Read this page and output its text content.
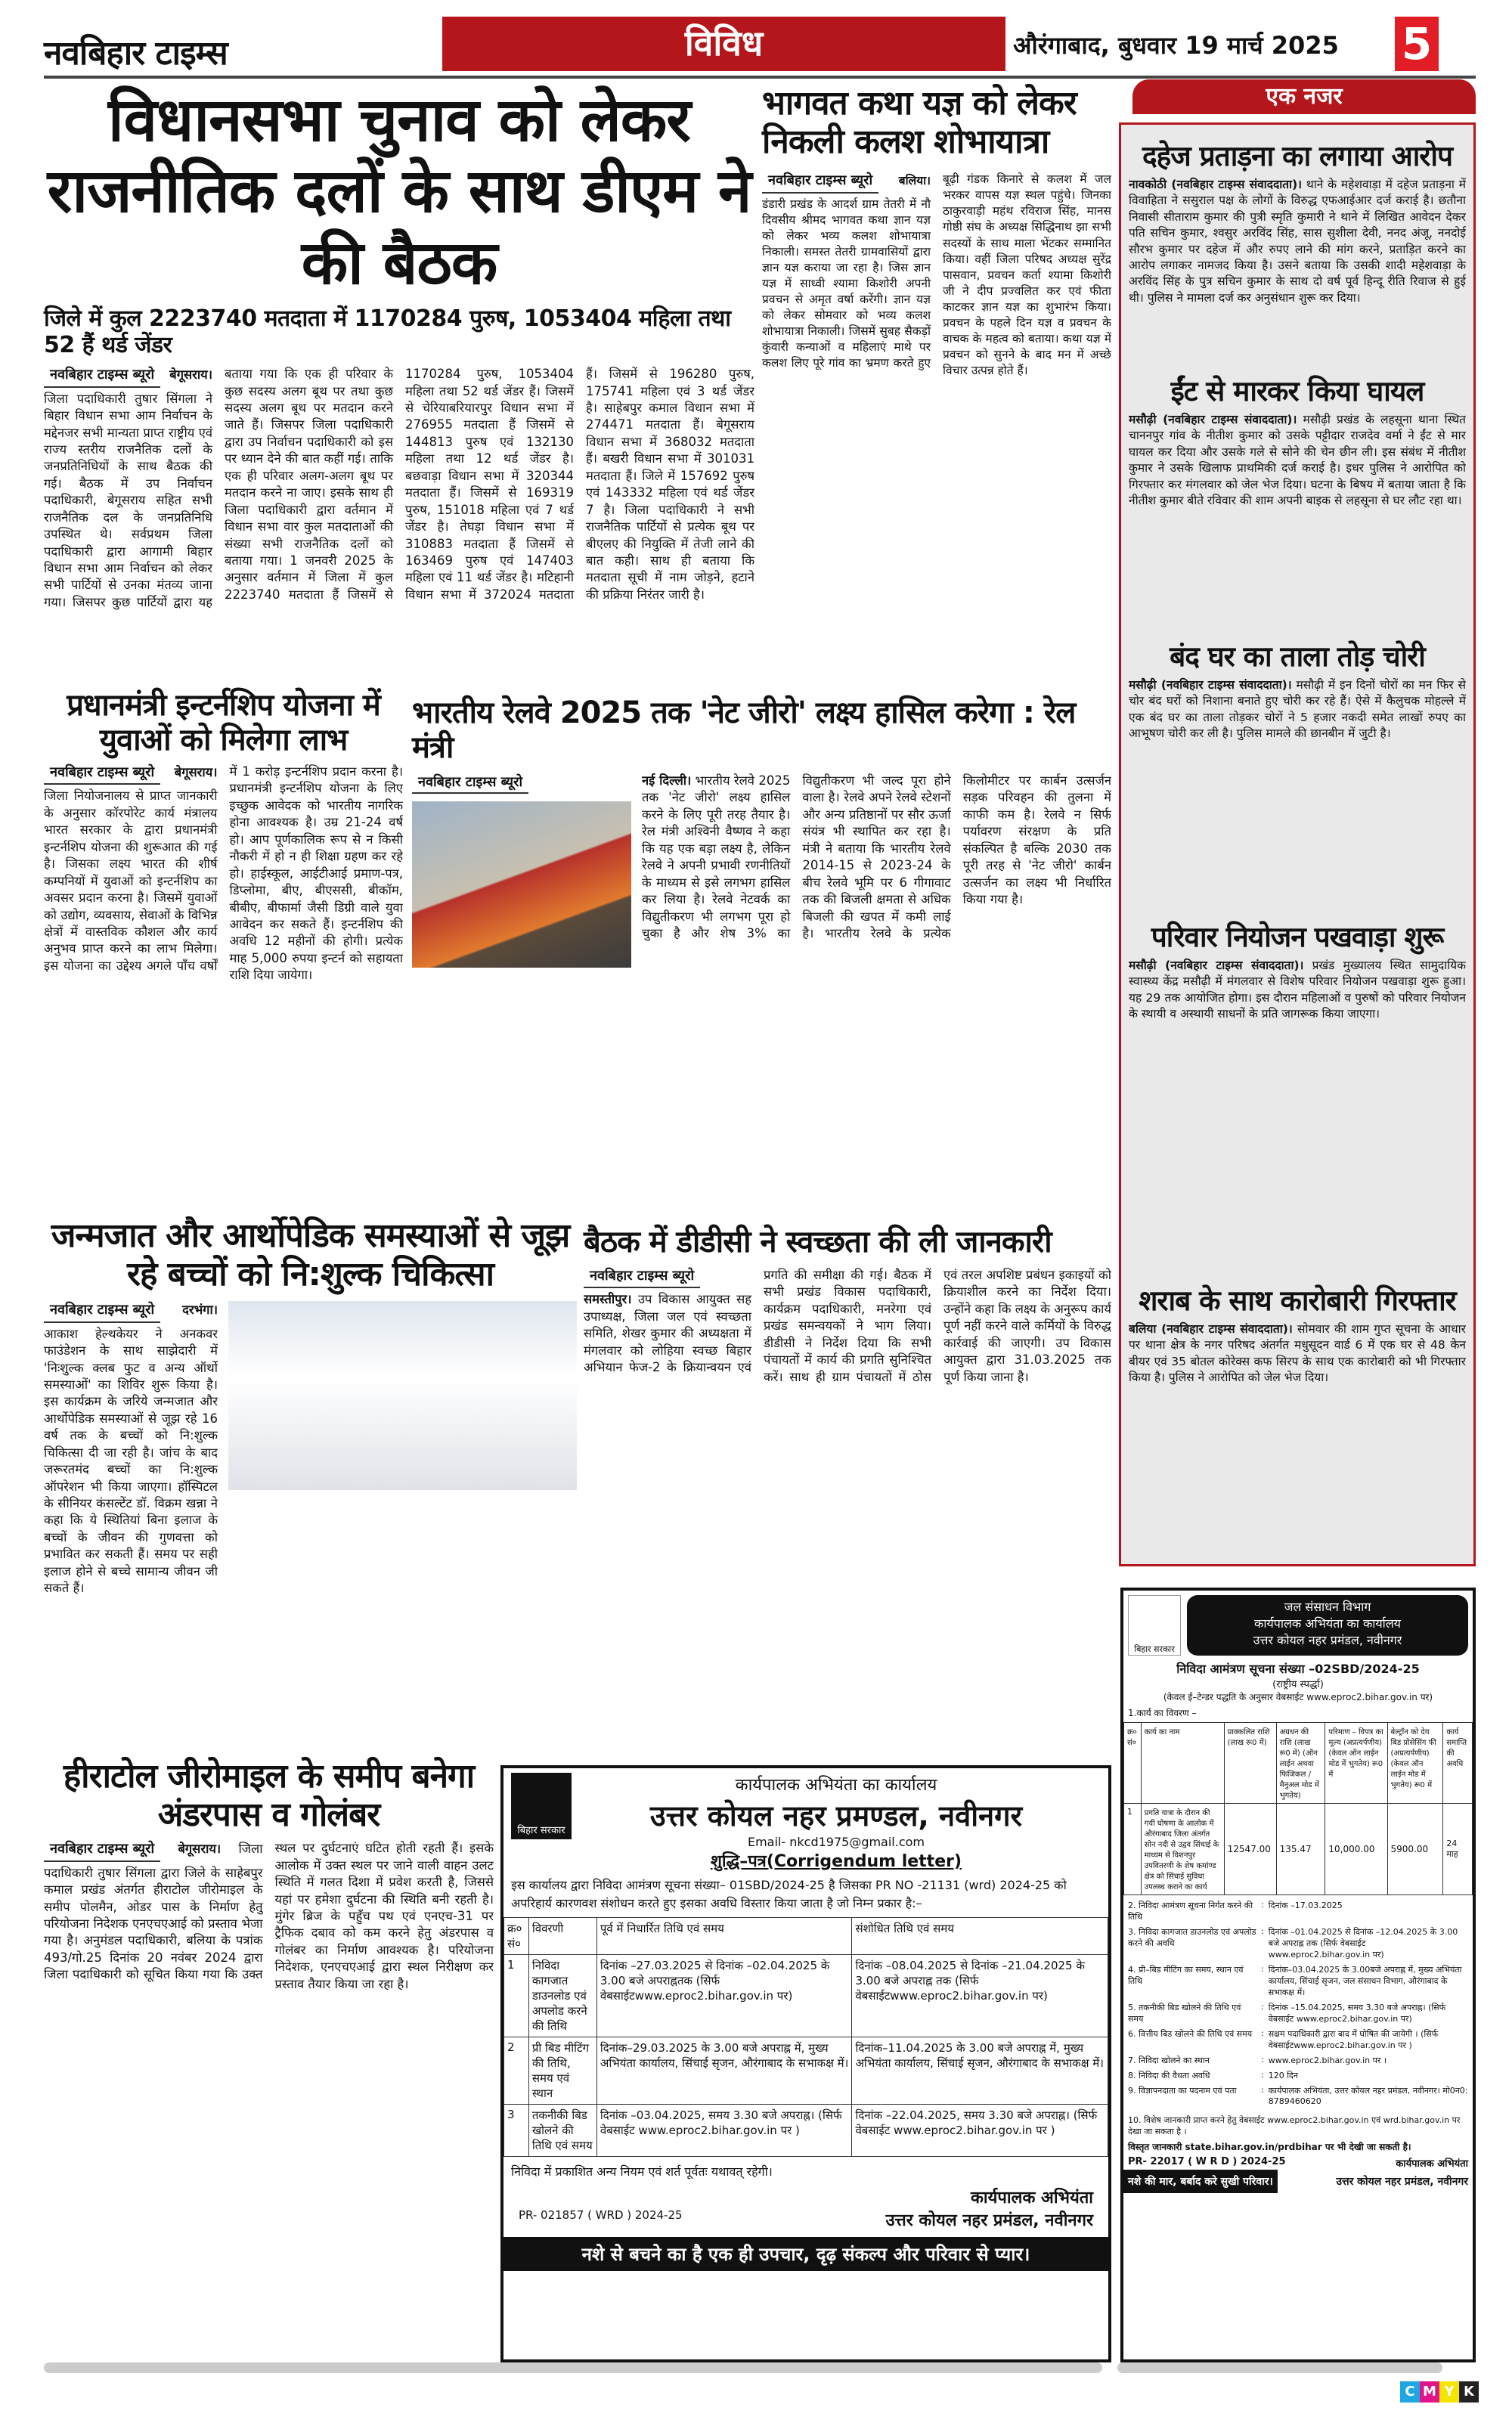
नवबिहार टाइम्स	विविध	औरंगाबाद, बुधवार 19 मार्च 2025 5
विधानसभा चुनाव को लेकर राजनीतिक दलों के साथ डीएम ने की बैठक
जिले में कुल 2223740 मतदाता में 1170284 पुरुष, 1053404 महिला तथा 52 हैं थर्ड जेंडर
नवबिहार टाइम्स ब्यूरो बेगूसराय। जिला पदाधिकारी तुषार सिंगला ने बिहार विधान सभा आम निर्वाचन के मद्देनजर सभी मान्यता प्राप्त राष्ट्रीय एवं राज्य स्तरीय राजनैतिक दलों के जनप्रतिनिधियों के साथ बैठक की गई। बैठक में उप निर्वाचन पदाधिकारी, बेगूसराय सहित सभी राजनैतिक दल के जनप्रतिनिधि उपस्थित थे। सर्वप्रथम जिला पदाधिकारी द्वारा आगामी बिहार विधान सभा आम निर्वाचन को लेकर सभी पार्टियों से उनका मंतव्य जाना गया। जिसपर कुछ पार्टियों द्वारा यह बताया गया कि एक ही परिवार के कुछ सदस्य अलग बूथ पर तथा कुछ सदस्य अलग बूथ पर मतदान करने जाते हैं। जिसपर जिला पदाधिकारी द्वारा उप निर्वाचन पदाधिकारी को इस पर ध्यान देने की बात कहीं गई। ताकि एक ही परिवार अलग-अलग बूथ पर मतदान करने ना जाए। इसके साथ ही जिला पदाधिकारी द्वारा वर्तमान में विधान सभा वार कुल मतदाताओं की संख्या सभी राजनैतिक दलों को बताया गया। 1 जनवरी 2025 के अनुसार वर्तमान में जिला में कुल 2223740 मतदाता हैं जिसमें से 1170284 पुरुष, 1053404 महिला तथा 52 थर्ड जेंडर हैं। जिसमें से चेरियाबरियारपुर विधान सभा में 276955 मतदाता हैं जिसमें से 144813 पुरुष एवं 132130 महिला तथा 12 थर्ड जेंडर है। बछवाड़ा विधान सभा में 320344 मतदाता हैं। जिसमें से 169319 पुरुष, 151018 महिला एवं 7 थर्ड जेंडर है। तेघड़ा विधान सभा में 310883 मतदाता हैं जिसमें से 163469 पुरुष एवं 147403 महिला एवं 11 थर्ड जेंडर है। मटिहानी विधान सभा में 372024 मतदाता हैं। जिसमें से 196280 पुरुष, 175741 महिला एवं 3 थर्ड जेंडर है। साहेबपुर कमाल विधान सभा में 274471 मतदाता हैं। बेगूसराय विधान सभा में 368032 मतदाता हैं। बखरी विधान सभा में 301031 मतदाता हैं। जिले में 157692 पुरुष एवं 143332 महिला एवं थर्ड जेंडर 7 है। जिला पदाधिकारी ने सभी राजनैतिक पार्टियों से प्रत्येक बूथ पर बीएलए की नियुक्ति में तेजी लाने की बात कही। साथ ही बताया कि मतदाता सूची में नाम जोड़ने, हटाने की प्रक्रिया निरंतर जारी है।
भागवत कथा यज्ञ को लेकर निकली कलश शोभायात्रा
नवबिहार टाइम्स ब्यूरो बलिया। डंडारी प्रखंड के आदर्श ग्राम तेतरी में नौ दिवसीय श्रीमद भागवत कथा ज्ञान यज्ञ को लेकर भव्य कलश शोभायात्रा निकाली। समस्त तेतरी ग्रामवासियों द्वारा ज्ञान यज्ञ कराया जा रहा है। जिस ज्ञान यज्ञ में साध्वी श्यामा किशोरी अपनी प्रवचन से अमृत वर्षा करेंगी। ज्ञान यज्ञ को लेकर सोमवार को भव्य कलश शोभायात्रा निकाली। जिसमें सुबह सैकड़ों कुंवारी कन्याओं व महिलाएं माथे पर कलश लिए पूरे गांव का भ्रमण करते हुए बूढ़ी गंडक किनारे से कलश में जल भरकर वापस यज्ञ स्थल पहुंचे। जिनका ठाकुरवाड़ी महंथ रविराज सिंह, मानस गोष्ठी संघ के अध्यक्ष सिद्धिनाथ झा सभी सदस्यों के साथ माला भेंटकर सम्मानित किया। वहीं जिला परिषद अध्यक्ष सुरेंद्र पासवान, प्रवचन कर्ता श्यामा किशोरी जी ने दीप प्रज्वलित कर एवं फीता काटकर ज्ञान यज्ञ का शुभारंभ किया। प्रवचन के पहले दिन यज्ञ व प्रवचन के वाचक के महत्व को बताया। कथा यज्ञ में प्रवचन को सुनने के बाद मन में अच्छे विचार उत्पन्न होते हैं।
एक नजर
दहेज प्रताड़ना का लगाया आरोप
नावकोठी (नवबिहार टाइम्स संवाददाता)। थाने के महेशवाड़ा में दहेज प्रताड़ना में विवाहिता ने ससुराल पक्ष के लोगों के विरुद्ध एफआईआर दर्ज कराई है। छतौना निवासी सीताराम कुमार की पुत्री स्मृति कुमारी ने थाने में लिखित आवेदन देकर पति सचिन कुमार, श्वसुर अरविंद सिंह, सास सुशीला देवी, ननद अंजू, ननदोई सौरभ कुमार पर दहेज में और रुपए लाने की मांग करने, प्रताड़ित करने का आरोप लगाकर नामजद किया है। उसने बताया कि उसकी शादी महेशवाड़ा के अरविंद सिंह के पुत्र सचिन कुमार के साथ दो वर्ष पूर्व हिन्दू रीति रिवाज से हुई थी। पुलिस ने मामला दर्ज कर अनुसंधान शुरू कर दिया।
ईंट से मारकर किया घायल
मसौढ़ी (नवबिहार टाइम्स संवाददाता)। मसौढ़ी प्रखंड के लहसूना थाना स्थित चाननपुर गांव के नीतीश कुमार को उसके पट्टीदार राजदेव वर्मा ने ईंट से मार घायल कर दिया और उसके गले से सोने की चेन छीन ली। इस संबंध में नीतीश कुमार ने उसके खिलाफ प्राथमिकी दर्ज कराई है। इधर पुलिस ने आरोपित को गिरफ्तार कर मंगलवार को जेल भेज दिया। घटना के बिषय में बताया जाता है कि नीतीश कुमार बीते रविवार की शाम अपनी बाइक से लहसूना से घर लौट रहा था।
बंद घर का ताला तोड़ चोरी
मसौढ़ी (नवबिहार टाइम्स संवाददाता)। मसौढ़ी में इन दिनों चोरों का मन फिर से चोर बंद घरों को निशाना बनाते हुए चोरी कर रहे हैं। ऐसे में कैलुचक मोहल्ले में एक बंद घर का ताला तोड़कर चोरों ने 5 हजार नकदी समेत लाखों रुपए का आभूषण चोरी कर ली है। पुलिस मामले की छानबीन में जुटी है।
परिवार नियोजन पखवाड़ा शुरू
मसौढ़ी (नवबिहार टाइम्स संवाददाता)। प्रखंड मुख्यालय स्थित सामुदायिक स्वास्थ्य केंद्र मसौढ़ी में मंगलवार से विशेष परिवार नियोजन पखवाड़ा शुरू हुआ। यह 29 तक आयोजित होगा। इस दौरान महिलाओं व पुरुषों को परिवार नियोजन के स्थायी व अस्थायी साधनों के प्रति जागरूक किया जाएगा।
शराब के साथ कारोबारी गिरफ्तार
बलिया (नवबिहार टाइम्स संवाददाता)। सोमवार की शाम गुप्त सूचना के आधार पर थाना क्षेत्र के नगर परिषद अंतर्गत मधुसूदन वार्ड 6 में एक घर से 48 केन बीयर एवं 35 बोतल कोरेक्स कफ सिरप के साथ एक कारोबारी को भी गिरफ्तार किया है। पुलिस ने आरोपित को जेल भेज दिया।
प्रधानमंत्री इन्टर्नशिप योजना में युवाओं को मिलेगा लाभ
नवबिहार टाइम्स ब्यूरो बेगूसराय। जिला नियोजनालय से प्राप्त जानकारी के अनुसार कॉरपोरेट कार्य मंत्रालय भारत सरकार के द्वारा प्रधानमंत्री इन्टर्नशिप योजना की शुरूआत की गई है। जिसका लक्ष्य भारत की शीर्ष कम्पनियों में युवाओं को इन्टर्नशिप का अवसर प्रदान करना है। जिसमें युवाओं को उद्योग, व्यवसाय, सेवाओं के विभिन्न क्षेत्रों में वास्तविक कौशल और कार्य अनुभव प्राप्त करने का लाभ मिलेगा। इस योजना का उद्देश्य अगले पाँच वर्षों में 1 करोड़ इन्टर्नशिप प्रदान करना है। प्रधानमंत्री इन्टर्नशिप योजना के लिए इच्छुक आवेदक को भारतीय नागरिक होना आवश्यक है। उम्र 21-24 वर्ष हो। आप पूर्णकालिक रूप से न किसी नौकरी में हो न ही शिक्षा ग्रहण कर रहे हो। हाईस्कूल, आईटीआई प्रमाण-पत्र, डिप्लोमा, बीए, बीएससी, बीकॉम, बीबीए, बीफार्मा जैसी डिग्री वाले युवा आवेदन कर सकते हैं। इन्टर्नशिप की अवधि 12 महीनों की होगी। प्रत्येक माह 5,000 रुपया इन्टर्न को सहायता राशि दिया जायेगा।
भारतीय रेलवे 2025 तक 'नेट जीरो' लक्ष्य हासिल करेगा : रेल मंत्री
नवबिहार टाइम्स ब्यूरो	नई दिल्ली। भारतीय रेलवे 2025 तक 'नेट जीरो' लक्ष्य हासिल करने के लिए पूरी तरह तैयार है। रेल मंत्री अश्विनी वैष्णव ने कहा कि यह एक बड़ा लक्ष्य है, लेकिन रेलवे ने अपनी प्रभावी रणनीतियों के माध्यम से इसे लगभग हासिल कर लिया है। रेलवे नेटवर्क का विद्युतीकरण भी लगभग पूरा हो चुका है और शेष 3% का विद्युतीकरण भी जल्द पूरा होने वाला है। रेलवे अपने रेलवे स्टेशनों और अन्य प्रतिष्ठानों पर सौर ऊर्जा संयंत्र भी स्थापित कर रहा है। मंत्री ने बताया कि भारतीय रेलवे 2014-15 से 2023-24 के बीच रेलवे भूमि पर 6 गीगावाट तक की बिजली क्षमता से अधिक बिजली की खपत में कमी लाई है। भारतीय रेलवे के प्रत्येक किलोमीटर पर कार्बन उत्सर्जन सड़क परिवहन की तुलना में काफी कम है। रेलवे न सिर्फ पर्यावरण संरक्षण के प्रति संकल्पित है बल्कि 2030 तक पूरी तरह से 'नेट जीरो' कार्बन उत्सर्जन का लक्ष्य भी निर्धारित किया गया है।
जन्मजात और आर्थोपेडिक समस्याओं से जूझ रहे बच्चों को नि:शुल्क चिकित्सा
नवबिहार टाइम्स ब्यूरो दरभंगा। आकाश हेल्थकेयर ने अनकवर फाउंडेशन के साथ साझेदारी में 'निःशुल्क क्लब फुट व अन्य ऑर्थो समस्याओं' का शिविर शुरू किया है। इस कार्यक्रम के जरिये जन्मजात और आर्थोपेडिक समस्याओं से जूझ रहे 16 वर्ष तक के बच्चों को नि:शुल्क चिकित्सा दी जा रही है। जांच के बाद जरूरतमंद बच्चों का नि:शुल्क ऑपरेशन भी किया जाएगा। हॉस्पिटल के सीनियर कंसल्टेंट डॉ. विक्रम खन्ना ने कहा कि ये स्थितियां बिना इलाज के बच्चों के जीवन की गुणवत्ता को प्रभावित कर सकती हैं। समय पर सही इलाज होने से बच्चे सामान्य जीवन जी सकते हैं।
बैठक में डीडीसी ने स्वच्छता की ली जानकारी
नवबिहार टाइम्स ब्यूरो समस्तीपुर। उप विकास आयुक्त सह उपाध्यक्ष, जिला जल एवं स्वच्छता समिति, शेखर कुमार की अध्यक्षता में मंगलवार को लोहिया स्वच्छ बिहार अभियान फेज-2 के क्रियान्वयन एवं प्रगति की समीक्षा की गई। बैठक में सभी प्रखंड विकास पदाधिकारी, कार्यक्रम पदाधिकारी, मनरेगा एवं प्रखंड समन्वयकों ने भाग लिया। डीडीसी ने निर्देश दिया कि सभी पंचायतों में कार्य की प्रगति सुनिश्चित करें। साथ ही ग्राम पंचायतों में ठोस एवं तरल अपशिष्ट प्रबंधन इकाइयों को क्रियाशील करने का निर्देश दिया। उन्होंने कहा कि लक्ष्य के अनुरूप कार्य पूर्ण नहीं करने वाले कर्मियों के विरुद्ध कार्रवाई की जाएगी। उप विकास आयुक्त द्वारा 31.03.2025 तक पूर्ण किया जाना है।
हीराटोल जीरोमाइल के समीप बनेगा अंडरपास व गोलंबर
नवबिहार टाइम्स ब्यूरो बेगूसराय। जिला पदाधिकारी तुषार सिंगला द्वारा जिले के साहेबपुर कमाल प्रखंड अंतर्गत हीराटोल जीरोमाइल के समीप पोलमैन, ओडर पास के निर्माण हेतु परियोजना निदेशक एनएचएआई को प्रस्ताव भेजा गया है। अनुमंडल पदाधिकारी, बलिया के पत्रांक 493/गो.25 दिनांक 20 नवंबर 2024 द्वारा जिला पदाधिकारी को सूचित किया गया कि उक्त स्थल पर दुर्घटनाएं घटित होती रहती हैं। इसके आलोक में उक्त स्थल पर जाने वाली वाहन उलट स्थिति में गलत दिशा में प्रवेश करती है, जिससे यहां पर हमेशा दुर्घटना की स्थिति बनी रहती है। मुंगेर ब्रिज के पहुँच पथ एवं एनएच-31 पर ट्रैफिक दबाव को कम करने हेतु अंडरपास व गोलंबर का निर्माण आवश्यक है। परियोजना निदेशक, एनएचएआई द्वारा स्थल निरीक्षण कर प्रस्ताव तैयार किया जा रहा है।
बिहार सरकार
कार्यपालक अभियंता का कार्यालय
उत्तर कोयल नहर प्रमण्डल, नवीनगर
Email- nkcd1975@gmail.com
शुद्धि–पत्र(Corrigendum letter)
इस कार्यालय द्वारा निविदा आमंत्रण सूचना संख्या– 01SBD/2024-25 है जिसका PR NO -21131 (wrd) 2024-25 को अपरिहार्य कारणवश संशोधन करते हुए इसका अवधि विस्तार किया जाता है जो निम्न प्रकार है:–
क्र० सं०	विवरणी	पूर्व में निधार्रित तिथि एवं समय	संशोधित तिथि एवं समय
1	निविदा कागजात डाउनलोड एवं अपलोड करने की तिथि	दिनांक –27.03.2025 से दिनांक –02.04.2025 के 3.00 बजे अपराह्नतक (सिर्फ वेबसाईटwww.eproc2.bihar.gov.in पर)	दिनांक –08.04.2025 से दिनांक –21.04.2025 के 3.00 बजे अपराह्न तक (सिर्फ वेबसाईटwww.eproc2.bihar.gov.in पर)
2	प्री बिड मीटिंग की तिथि, समय एवं स्थान	दिनांक–29.03.2025 के 3.00 बजे अपराह्न में, मुख्य अभियंता कार्यालय, सिंचाई सृजन, औरंगाबाद के सभाकक्ष में।	दिनांक–11.04.2025 के 3.00 बजे अपराह्न में, मुख्य अभियंता कार्यालय, सिंचाई सृजन, औरंगाबाद के सभाकक्ष में।
3	तकनीकी बिड खोलने की तिथि एवं समय	दिनांक –03.04.2025, समय 3.30 बजे अपराह्न। (सिर्फ वेबसाईट www.eproc2.bihar.gov.in पर )	दिनांक –22.04.2025, समय 3.30 बजे अपराह्न। (सिर्फ वेबसाईट www.eproc2.bihar.gov.in पर )
निविदा में प्रकाशित अन्य नियम एवं शर्त पूर्वतः यथावत् रहेगी।
कार्यपालक अभियंता
PR- 021857 ( WRD ) 2024-25	उत्तर कोयल नहर प्रमंडल, नवीनगर
नशे से बचने का है एक ही उपचार, दृढ़ संकल्प और परिवार से प्यार।
बिहार सरकार
जल संसाधन विभाग
कार्यपालक अभियंता का कार्यालय
उत्तर कोयल नहर प्रमंडल, नवीनगर
निविदा आमंत्रण सूचना संख्या –02SBD/2024-25
(राष्ट्रीय स्पर्द्धा)
(केवल ई–टेन्डर पद्धति के अनुसार वेबसाईट www.eproc2.bihar.gov.in पर)
1.कार्य का विवरण –
क्र० सं०	कार्य का नाम	प्राक्कलित राशि (लाख रू0 में)	अग्रधन की राशि (लाख रू0 में) (ऑन लाईन अथवा फिजिकल / मैनुअल मोड में भुगतेय)	परिमाण – विपत्र का मूल्य (अप्रत्यर्पणीय) (केवल ऑन लाईन मोड में भुगतेय) रू0 में	बेल्ट्रॉन को देय बिड प्रोसेसिंग फी (अप्रत्यर्पणीय) (केवल ऑन लाईन मोड में भुगतेय) रू0 में	कार्य समाप्ति की अवधि
1	प्रगति यात्रा के दौरान की गयी घोषणा के आलोक में औरंगाबाद जिला अंतर्गत सोन नदी से उद्वव सिंचाई के माध्यम से विशनपुर उपवितरणी के शेष कमांण्ड क्षेत्र को सिंचाई सुविधा उपलब्ध कराने का कार्य	12547.00	135.47	10,000.00	5900.00	24 माह
2. निविदा आमंत्रण सूचना निर्गत करने की तिथि
: दिनांक –17.03.2025
3. निविदा कागजात डाउनलोड एवं अपलोड करने की अवधि
: दिनांक –01.04.2025 से दिनांक –12.04.2025 के 3.00 बजे अपराह्न तक (सिर्फ वेबसाईट www.eproc2.bihar.gov.in पर)
4. प्री–बिड मीटिंग का समय, स्थान एवं तिथि
: दिनांक–03.04.2025 के 3.00बजे अपराह्न में, मुख्य अभियंता कार्यालय, सिंचाई सृजन, जल संसाधन विभाग, औरंगाबाद के सभाकक्ष में।
5. तकनीकी बिड खोलने की तिथि एवं समय
: दिनांक –15.04.2025, समय 3.30 बजे अपराह्न। (सिर्फ वेबसाईट www.eproc2.bihar.gov.in पर)
6. वित्तीय बिड खोलने की तिथि एवं समय	: सक्षम पदाधिकारी द्वारा बाद में घोषित की जायेगी । (सिर्फ वेबसाईटwww.eproc2.bihar.gov.in पर )
7. निविदा खोलने का स्थान	: www.eproc2.bihar.gov.in पर ।
8. निविदा की वैधता अवधि	: 120 दिन
9. विज्ञापनदाता का पदनाम एवं पता	: कार्यपालक अभियंता, उत्तर कोयल नहर प्रमंडल, नवीनगर। मो0न0: 8789460620
10. विशेष जानकारी प्राप्त करने हेतु वेबसाईट www.eproc2.bihar.gov.in एवं wrd.bihar.gov.in पर देखा जा सकता है ।
विस्तृत जानकारी state.bihar.gov.in/prdbihar पर भी देखी जा सकती है।
PR- 22017 ( W R D ) 2024-25	कार्यपालक अभियंता
नशे की मार, बर्बाद करे सुखी परिवार।	उत्तर कोयल नहर प्रमंडल, नवीनगर
C M Y K
